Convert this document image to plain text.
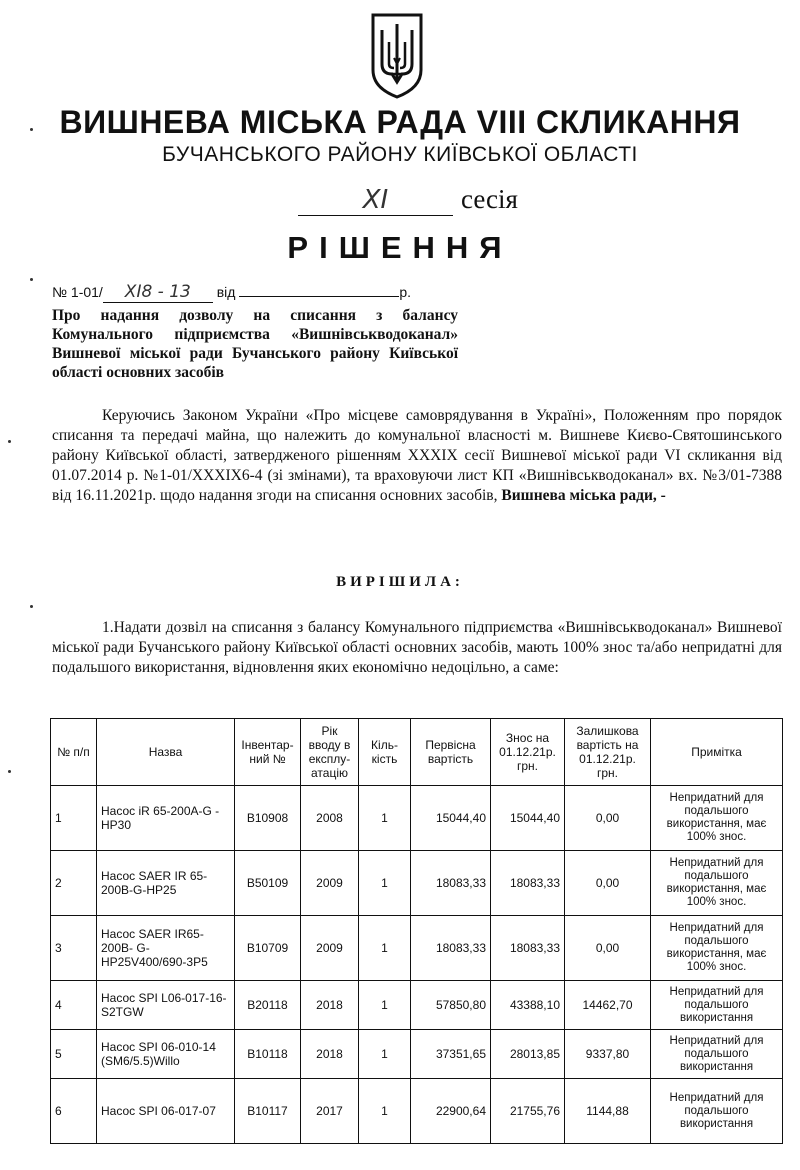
ВИШНЕВА МІСЬКА РАДА VIII СКЛИКАННЯ
БУЧАНСЬКОГО РАЙОНУ КИЇВСЬКОЇ ОБЛАСТІ
XI	сесія
РІШЕННЯ
№ 1-01/ XI8 - 13 від	р.
Про надання дозволу на списання з балансу Комунального підприємства «Вишнівськводоканал» Вишневої міської ради Бучанського району Київської області основних засобів
Керуючись Законом України «Про місцеве самоврядування в Україні», Положенням про порядок списання та передачі майна, що належить до комунальної власності м. Вишневе Києво-Святошинського району Київської області, затвердженого рішенням XXXIX сесії Вишневої міської ради VI скликання від 01.07.2014 р. №1-01/XXXIX6-4 (зі змінами), та враховуючи лист КП «Вишнівськводоканал» вх. №3/01-7388 від 16.11.2021р. щодо надання згоди на списання основних засобів, Вишнева міська ради, -
ВИРІШИЛА:
1.Надати дозвіл на списання з балансу Комунального підприємства «Вишнівськводоканал» Вишневої міської ради Бучанського району Київської області основних засобів, мають 100% знос та/або непридатні для подальшого використання, відновлення яких економічно недоцільно, а саме:
№ п/п	Назва	Інвентар-ний №	Рік вводу в експлу-атацію	Кіль-кість	Первісна вартість	Знос на 01.12.21р. грн.	Залишкова вартість на 01.12.21р. грн.	Примітка
1	Насос iR 65-200A-G - HP30	B10908	2008	1	15044,40	15044,40	0,00	Непридатний для подальшого використання, має 100% знос.
2	Насос SAER IR 65-200B-G-HP25	B50109	2009	1	18083,33	18083,33	0,00	Непридатний для подальшого використання, має 100% знос.
3	Насос SAER IR65-200B- G-HP25V400/690-3P5	B10709	2009	1	18083,33	18083,33	0,00	Непридатний для подальшого використання, має 100% знос.
4	Насос SPI L06-017-16-S2TGW	B20118	2018	1	57850,80	43388,10	14462,70	Непридатний для подальшого використання
5	Насос SPI 06-010-14 (SM6/5.5)Willo	B10118	2018	1	37351,65	28013,85	9337,80	Непридатний для подальшого використання
6	Насос SPI 06-017-07	B10117	2017	1	22900,64	21755,76	1144,88	Непридатний для подальшого використання
